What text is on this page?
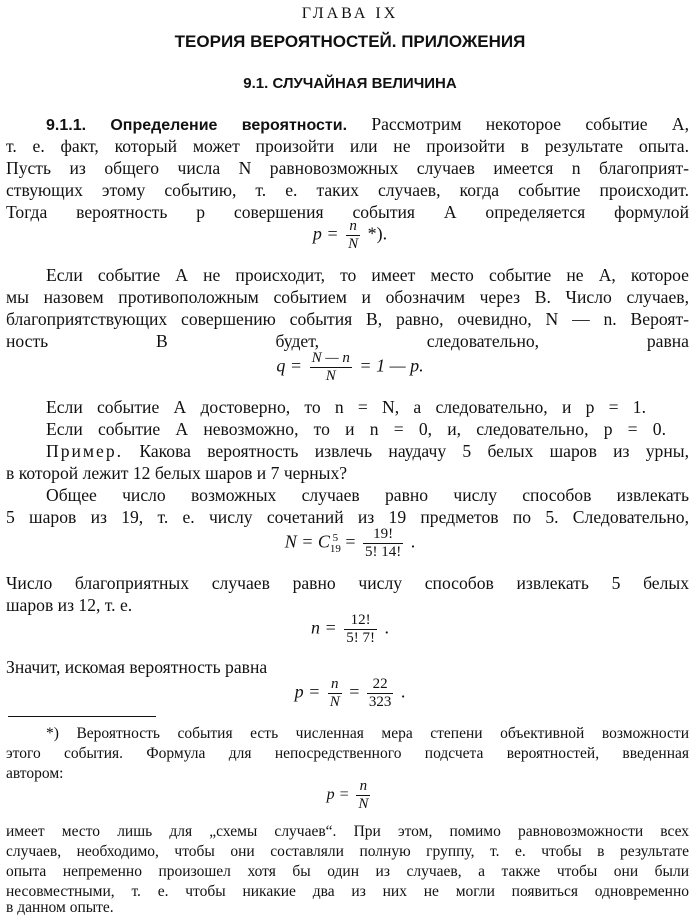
ГЛАВА IX
ТЕОРИЯ ВЕРОЯТНОСТЕЙ. ПРИЛОЖЕНИЯ
9.1. СЛУЧАЙНАЯ ВЕЛИЧИНА
9.1.1. Определение вероятности. Рассмотрим некоторое событие А,
т. е. факт, который может произойти или не произойти в результате опыта.
Пусть из общего числа N равновозможных случаев имеется n благоприят-
ствующих этому событию, т. е. таких случаев, когда событие происходит.
Тогда вероятность p совершения события А определяется формулой
$p = \frac{n}{N}$ *).
Если событие А не происходит, то имеет место событие не А, которое
мы назовем противоположным событием и обозначим через В. Число случаев,
благоприятствующих совершению события В, равно, очевидно, N — n. Вероят-
ность В будет, следовательно, равна
$q = \frac{N — n}{N} = 1$ — p.
Если событие А достоверно, то n = N, а следовательно, и p = 1.
Если событие А невозможно, то и n = 0, и, следовательно, p = 0.
Пример. Какова вероятность извлечь наудачу 5 белых шаров из урны,
в которой лежит 12 белых шаров и 7 черных?
Общее число возможных случаев равно числу способов извлекать
5 шаров из 19, т. е. числу сочетаний из 19 предметов по 5. Следовательно,
N = C 5
$19 = \frac{19!}{5! 14!}$ .
Число благоприятных случаев равно числу способов извлекать 5 белых
шаров из 12, т. е.
$n = \frac{12!}{5! 7!}$ .
Значит, искомая вероятность равна
$p = \frac{n}{N} = \frac{22}{323}$ .
*) Вероятность события есть численная мера степени объективной возможности
этого события. Формула для непосредственного подсчета вероятностей, введенная
автором:
$p = \frac{n}{N}$
имеет место лишь для „схемы случаев“. При этом, помимо равновозможности всех
случаев, необходимо, чтобы они составляли полную группу, т. е. чтобы в результате
опыта непременно произошел хотя бы один из случаев, а также чтобы они были
несовместными, т. е. чтобы никакие два из них не могли появиться одновременно
в данном опыте.
